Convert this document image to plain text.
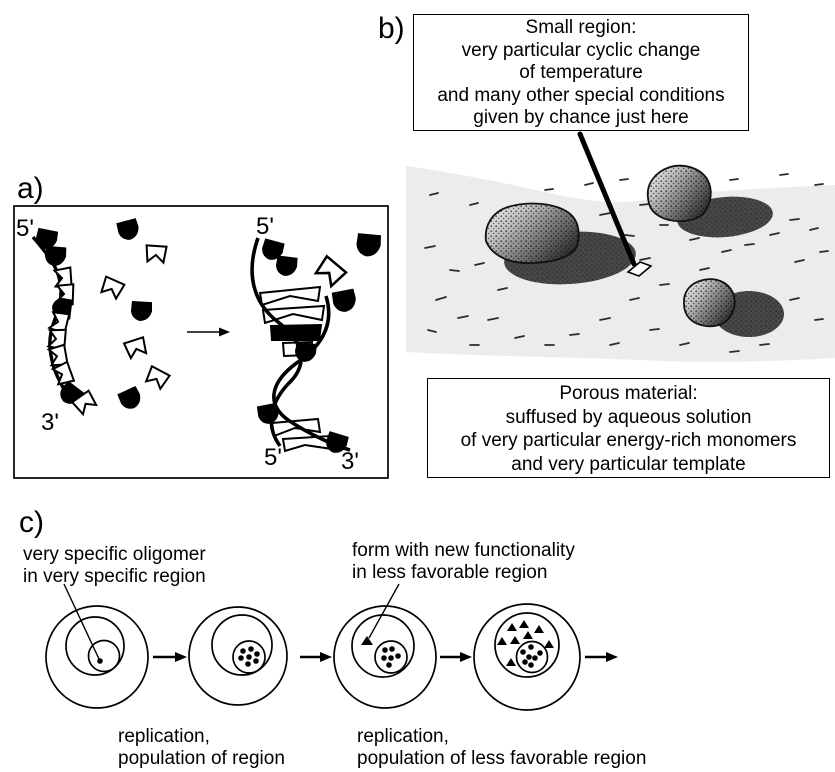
5'
3'
5'
5' 3'
a)
b)
c)
Small region:
very particular cyclic change
of temperature
and many other special conditions
given by chance just here
Porous material:
suffused by aqueous solution
of very particular energy-rich monomers
and very particular template
very specific oligomer
in very specific region
form with new functionality
in less favorable region
replication,
population of region
replication,
population of less favorable region
